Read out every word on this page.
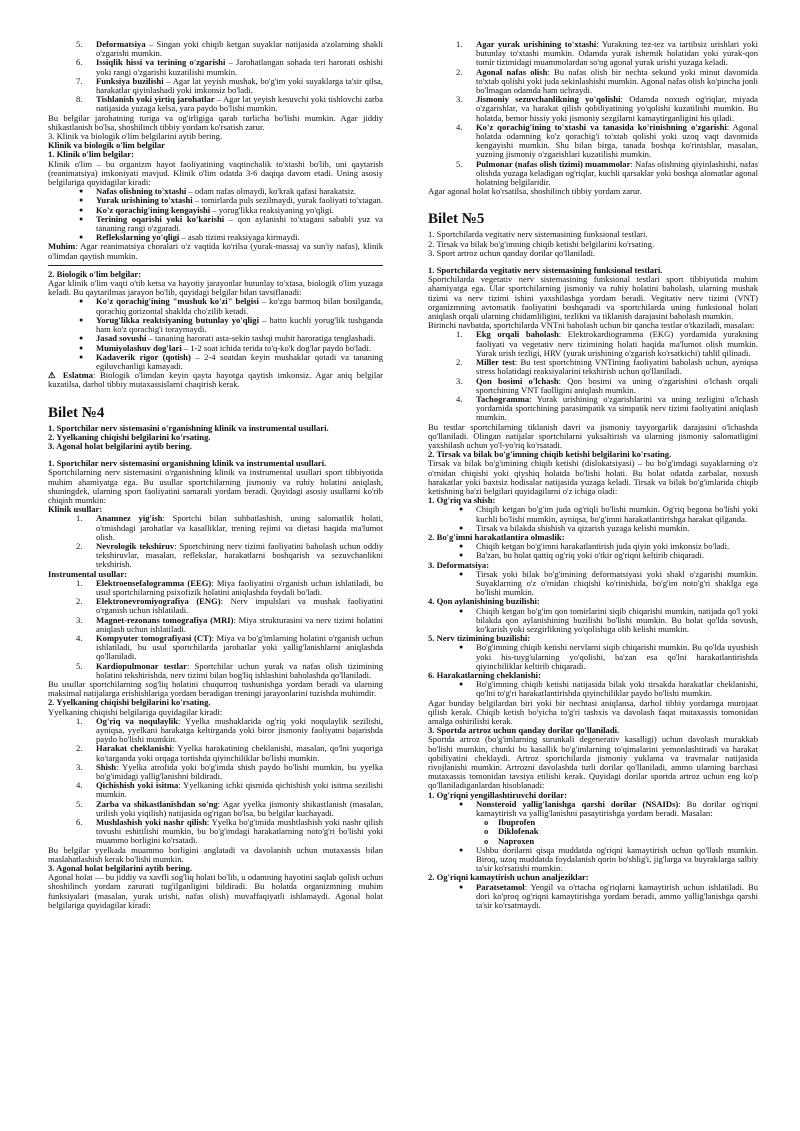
5. Deformatsiya – Singan yoki chiqib ketgan suyaklar natijasida a'zolarning shakli o'zgarishi mumkin.
6. Issiqlik hissi va terining o'zgarishi – Jarohatlangan sohada teri harorati oshishi yoki rangi o'zgarishi kuzatilishi mumkin.
7. Funksiya buzilishi – Agar lat yeyish mushak, bo'g'im yoki suyaklarga ta'sir qilsa, harakatlar qiyinlashadi yoki imkonsiz bo'ladi.
8. Tishlanish yoki yirtiq jarohatlar – Agar lat yeyish kesuvchi yoki tishlovchi zarba natijasida yuzaga kelsa, yara paydo bo'lishi mumkin.

Bu belgilar jarohatning turiga va og'irligiga qarab turlicha bo'lishi mumkin. Agar jiddiy shikastlanish bo'lsa, shoshilinch tibbiy yordam ko'rsatish zarur.

3. Klinik va biologik o'lim belgilarini aytib bering.

Klinik va biologik o'lim belgilar

1. Klinik o'lim belgilar:

Klinik o'lim – bu organizm hayot faoliyatining vaqtinchalik to'xtashi bo'lib, uni qaytarish (reanimatsiya) imkoniyati mavjud. Klinik o'lim odatda 3-6 daqiqa davom etadi. Uning asosiy belgilariga quyidagilar kiradi:

● Nafas olishning to'xtashi – odam nafas olmaydi, ko'krak qafasi harakatsiz.
● Yurak urishining to'xtashi – tomirlarda puls sezilmaydi, yurak faoliyati to'xtagan.
● Ko'z qorachig'ining kengayishi – yorug'likka reaksiyaning yo'qligi.
● Terining oqarishi yoki ko'karishi – qon aylanishi to'xtagani sababli yuz va tananing rangi o'zgaradi.
● Reflekslarning yo'qligi – asab tizimi reaksiyaga kirmaydi.

Muhim: Agar reanimatsiya choralari o'z vaqtida ko'rilsa (yurak-massaj va sun'iy nafas), klinik o'limdan qaytish mumkin.

2. Biologik o'lim belgilar:

Agar klinik o'lim vaqti o'tib ketsa va hayotiy jarayonlar butunlay to'xtasa, biologik o'lim yuzaga keladi. Bu qaytarilmas jarayon bo'lib, quyidagi belgilar bilan tavsiflanadi:

● Ko'z qorachig'ining "mushuk ko'zi" belgisi – ko'zga barmoq bilan bosilganda, qorachiq gorizontal shaklda cho'zilib ketadi.
● Yorug'likka reaktsiyaning butunlay yo'qligi – hatto kuchli yorug'lik tushganda ham ko'z qorachig'i torаymaydi.
● Jasad sovushi – tananing harorati asta-sekin tashqi muhit haroratiga tenglashadi.
● Mumiyolashuv dog'lari – 1-2 soat ichida terida to'q-ko'k dog'lar paydo bo'ladi.
● Kadaverik rigor (qotish) – 2-4 soatdan keyin mushaklar qotadi va tananing egiluvchanligi kamayadi.

⚠ Eslatma: Biologik o'limdan keyin qayta hayotga qaytish imkonsiz. Agar aniq belgilar kuzatilsa, darhol tibbiy mutaxassislarni chaqirish kerak.

Bilet №4

1. Sportchilar nerv sistemasini o'rganishning klinik va instrumental usullari.

2. Yyelkaning chiqishi belgilarini ko'rsating.

3. Agonal holat belgilarini aytib bering.

1. Sportchilar nerv sistemasini organishning klinik va instrumental usullari.

Sportchilarning nerv sistemasini o'rganishning klinik va instrumental usullari sport tibbiyotida muhim ahamiyatga ega. Bu usullar sportchilarning jismoniy va ruhiy holatini aniqlash, shuningdek, ularning sport faoliyatini samarali yordam beradi. Quyidagi asosiy usullarni ko'rib chiqish mumkin:

Klinik usullar:

1. Anamnez yig'ish: Sportchi bilan suhbatlashish, uning salomatlik holati, o'tmishdagi jarohatlar va kasalliklar, trening rejimi va dietasi haqida ma'lumot olish.
2. Nevrologik tekshiruv: Sportchining nerv tizimi faoliyatini baholash uchun oddiy tekshiruvlar, masalan, reflekslar, harakatlarni boshqarish va sezuvchanlikni tekshirish.

Instrumental usullar:

1. Elektroensefalogramma (EEG): Miya faoliyatini o'rganish uchun ishlatiladi, bu usul sportchilarning psixofizik holatini aniqlashda foydali bo'ladi.
2. Elektronevromiyografiya (ENG): Nerv impulslari va mushak faoliyatini o'rganish uchun ishlatiladi.
3. Magnet-rezonans tomografiya (MRI): Miya strukturasini va nerv tizimi holatini aniqlash uchun ishlatiladi.
4. Kompyuter tomografiyasi (CT): Miya va bo'g'imlarning holatini o'rganish uchun ishlatiladi, bu usul sportchilarda jarohatlar yoki yallig'lanishlarni aniqlashda qo'llaniladi.
5. Kardiopulmonar testlar: Sportchilar uchun yurak va nafas olish tizimining holatini tekshirishda, nerv tizimi bilan bog'liq ishlashini baholashda qo'llaniladi.

Bu usullar sportchilarning sog'liq holatini chuqurroq tushunishga yordam beradi va ularning maksimal natijalarga erishishlariga yordam beradigan treningi jarayonlarini tuzishda muhimdir.

2. Yyelkaning chiqishi belgilarini ko'rsating.

Yyelkaning chiqishi belgilariga quyidagilar kiradi:

1. Og'riq va noqulaylik: Yyelka mushaklarida og'riq yoki noqulaylik sezilishi, ayniqsa, yyelkani harakatga keltirganda yoki biror jismoniy faoliyatni bajarishda paydo bo'lishi mumkin.
2. Harakat cheklanishi: Yyelka harakatining cheklanishi, masalan, qo'lni yuqoriga ko'targanda yoki orqaga tortishda qiyinchiliklar bo'lishi mumkin.
3. Shish: Yyelka atrofida yoki bo'g'imda shish paydo bo'lishi mumkin, bu yyelka bo'g'imidagi yallig'lanishni bildiradi.
4. Qichishish yoki isitma: Yyelkaning ichki qismida qichishish yoki isitma sezilishi mumkin.
5. Zarba va shikastlanishdan so'ng: Agar yyelka jismoniy shikastlanish (masalan, urilish yoki yiqilish) natijasida og'rigan bo'lsa, bu belgilar kuchayadi.
6. Mushlashish yoki nashr qilish: Yyelka bo'g'imida mushtlashish yoki nashr qilish tovushi eshitilishi mumkin, bu bo'g'imdagi harakatlarning noto'g'ri bo'lishi yoki muammo borligini ko'rsatadi.

Bu belgilar yyelkada muammo borligini anglatadi va davolanish uchun mutaxassis bilan maslahatlashish kerak bo'lishi mumkin.

3. Agonal holat belgilarini aytib bering.

Agonal holat — bu jiddiy va xavfli sog'liq holati bo'lib, u odamning hayotini saqlab qolish uchun shoshilinch yordam zarurati tug'ilganligini bildiradi. Bu holatda organizmning muhim funksiyalari (masalan, yurak urishi, nafas olish) muvaffaqiyatli ishlamaydi. Agonal holat belgilariga quyidagilar kiradi:

1. Agar yurak urishining to'xtashi: Yurakning tez-tez va tartibsiz urishlari yoki butunlay to'xtashi mumkin. Odamda yurak ishemik holatidan yoki yurak-qon tomir tizimidagi muammolardan so'ng agonal yurak urishi yuzaga keladi.
2. Agonal nafas olish: Bu nafas olish bir nechta sekund yoki minut davomida to'xtab qolishi yoki juda sekinlashishi mumkin. Agonal nafas olish ko'pincha jonli bo'lmagan odamda ham uchraydi.
3. Jismoniy sezuvchanlikning yo'qolishi: Odamda noxush og'riqlar, miyada o'zgarishlar, va harakat qilish qobiliyatining yo'qolishi kuzatilishi mumkin. Bu holatda, bemor hissiy yoki jismoniy sezgilarni kamaytirganligini his qiladi.
4. Ko'z qorachig'ining to'xtashi va tanasida ko'rinishning o'zgarishi: Agonal holatda odamning ko'z qorachig'i to'xtab qolishi yoki uzoq vaqt davomida kengayishi mumkin. Shu bilan birga, tanada boshqa ko'rinishlar, masalan, yuzning jismoniy o'zgarishlari kuzatilishi mumkin.
5. Pulmonar (nafas olish tizimi) muammolar: Nafas olishning qiyinlashishi, nafas olishda yuzaga keladigan og'riqlar, kuchli qarsaklar yoki boshqa alomatlar agonal holatning belgilaridir.

Agar agonal holat ko'rsatilsa, shoshilinch tibbiy yordam zarur.

Bilet №5

1. Sportchilarda vegitativ nerv sistemasining funksional testlari.

2. Tirsak va bilak bo'g'imning chiqib ketishi belgilarini ko'rsating.

3. Sport artroz uchun qanday dorilar qo'llaniladi.

1. Sportchilarda vegitativ nerv sistemasining funksional testlari.

Sportchilarda vegetativ nerv sistemasining funksional testlari sport tibbiyotida muhim ahamiyatga ega. Ular sportchilarning jismoniy va ruhiy holatini baholash, ularning mushak tizimi va nerv tizimi ishini yaxshilashga yordam beradi. Vegitativ nerv tizimi (VNT) organizmning avtomatik faoliyatini boshqaradi va sportchilarda uning funksional holati aniqlash orqali ularning chidamliligini, tezlikni va tiklanish darajasini baholash mumkin.

Birinchi navbatda, sportchilarda VNTni baholash uchun bir qancha testlar o'tkaziladi, masalan:

1. Ekg orqali baholash: Elektrokardiogramma (EKG) yordamida yurakning faoliyati va vegetativ nerv tizimining holati haqida ma'lumot olish mumkin. Yurak urish tezligi, HRV (yurak urishining o'zgarish ko'rsatkichi) tahlil qilinadi.
2. Miller test: Bu test sportchining VNTining faoliyatini baholash uchun, ayniqsa stress holatidagi reaksiyalarini tekshirish uchun qo'llaniladi.
3. Qon bosimi o'lchash: Qon bosimi va uning o'zgarishini o'lchash orqali sportchining VNT faolligini aniqlash mumkin.
4. Tachogramma: Yurak urishining o'zgarishlarini va uning tezligini o'lchash yordamida sportchining parasimpatik va simpatik nerv tizimi faoliyatini aniqlash mumkin.

Bu testlar sportchilarning tiklanish davri va jismoniy tayyorgarlik darajasini o'lchashda qo'llaniladi. Olingan natijalar sportchilarni yuksaltirish va ularning jismoniy salomatligini yaxshilash uchun yo'l-yo'riq ko'rsatadi.

2. Tirsak va bilak bo'g'imning chiqib ketishi belgilarini ko'rsating.

Tirsak va bilak bo'g'imining chiqib ketishi (dislokatsiyasi) – bu bo'g'imdagi suyaklarning o'z o'rnidan chiqishi yoki qiyshiq holatda bo'lishi holati. Bu holat odatda zarbalar, noxush harakatlar yoki baxtsiz hodisalar natijasida yuzaga keladi. Tirsak va bilak bo'g'imlarida chiqib ketishning ba'zi belgilari quyidagilarni o'z ichiga oladi:

1. Og'riq va shish:

● Chiqib ketgan bo'g'im juda og'riqli bo'lishi mumkin. Og'riq begona bo'lishi yoki kuchli bo'lishi mumkin, ayniqsa, bo'g'imni harakatlantirishga harakat qilganda.
● Tirsak va bilakda shishish va qizarish yuzaga kelishi mumkin.

2. Bo'g'imni harakatlantira olmaslik:

● Chiqib ketgan bo'g'imni harakatlantirish juda qiyin yoki imkonsiz bo'ladi.
● Ba'zan, bu holat qattiq og'riq yoki o'tkir og'riqni keltirib chiqaradi.

3. Deformatsiya:

● Tirsak yoki bilak bo'g'imining deformatsiyasi yoki shakl o'zgarishi mumkin. Suyaklarning o'z o'rnidan chiqishi ko'rinishida, bo'g'im noto'g'ri shaklga ega bo'lishi mumkin.

4. Qon aylanishining buzilishi:

● Chiqib ketgan bo'g'im qon tomirlarini siqib chiqarishi mumkin, natijada qo'l yoki bilakda qon aylanishining buzilishi bo'lishi mumkin. Bu holat qo'lda sovush, ko'karish yoki sezgirlikning yo'qolishiga olib kelishi mumkin.

5. Nerv tizimining buzilishi:

● Bo'g'imning chiqib ketishi nervlarni siqib chiqarishi mumkin. Bu qo'lda uyushish yoki his-tuyg'ularning yo'qolishi, ba'zan esa qo'lni harakatlantirishda qiyinchiliklar keltirib chiqaradi.

6. Harakatlarning cheklanishi:

● Bo'g'imning chiqib ketishi natijasida bilak yoki tirsakda harakatlar cheklanishi, qo'lni to'g'ri harakatlantirishda qiyinchiliklar paydo bo'lishi mumkin.

Agar bunday belgilardan biri yoki bir nechtasi aniqlansa, darhol tibbiy yordamga murojaat qilish kerak. Chiqib ketish bo'yicha to'g'ri tashxis va davolash faqat mutaxassis tomonidan amalga oshirilishi kerak.

3. Sportda artroz uchun qanday dorilar qo'llaniladi.

Sportda artroz (bo'g'imlarning surunkali degenerativ kasalligi) uchun davolash murakkab bo'lishi mumkin, chunki bu kasallik bo'g'imlarning to'qimalarini yemonlashtiradi va harakat qobiliyatini cheklaydi. Artroz sportchilarda jismoniy yuklama va travmalar natijasida rivojlanishi mumkin. Artrozni davolashda turli dorilar qo'llaniladi, ammo ularning barchasi mutaxassis tomonidan tavsiya etilishi kerak. Quyidagi dorilar sportda artroz uchun eng ko'p qo'llaniladiganlardan hisoblanadi:

1. Og'riqni yengillashtiruvchi dorilar:

● Nonsteroid yallig'lanishga qarshi dorilar (NSAIDs): Bu dorilar og'riqni kamaytirish va yallig'lanishni pasaytirishga yordam beradi. Masalan:
o Ibuprofen
o Diklofenak
o Naproxen
● Ushbu dorilarni qisqa muddatda og'riqni kamaytirish uchun qo'llash mumkin. Biroq, uzoq muddatda foydalanish qorin bo'shlig'i, jig'larga va buyraklarga salbiy ta'sir ko'rsatishi mumkin.

2. Og'riqni kamaytirish uchun analjeziklar:

● Paratsetamol: Yengil va o'rtacha og'riqlarni kamaytirish uchun ishlatiladi. Bu dori ko'proq og'riqni kamaytirishga yordam beradi, ammo yallig'lanishga qarshi ta'sir ko'rsatmaydi.
